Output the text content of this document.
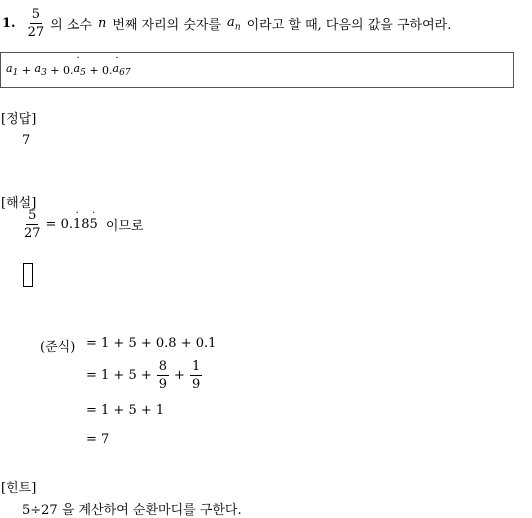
1. $\frac{5}{27}$ 의 소수 n 번째 자리의 숫자를 $a_n$ 이라고 할 때, 다음의 값을 구하여라.
$a_1 + a_3 + 0$. a $˙_5 + 0$. a $˙_{67}$
[정답]
7
[해설]
$\frac{5}{27} = 0.1$ ˙85 ˙ 이므로
(준식) = 1 + 5 + 0.8 + 0.1
= $1 + 5 + \frac{8}{9} + \frac{1}{9}$
= 1 + 5 + 1
= 7
[힌트]
5÷27 을 계산하여 순환마디를 구한다.
